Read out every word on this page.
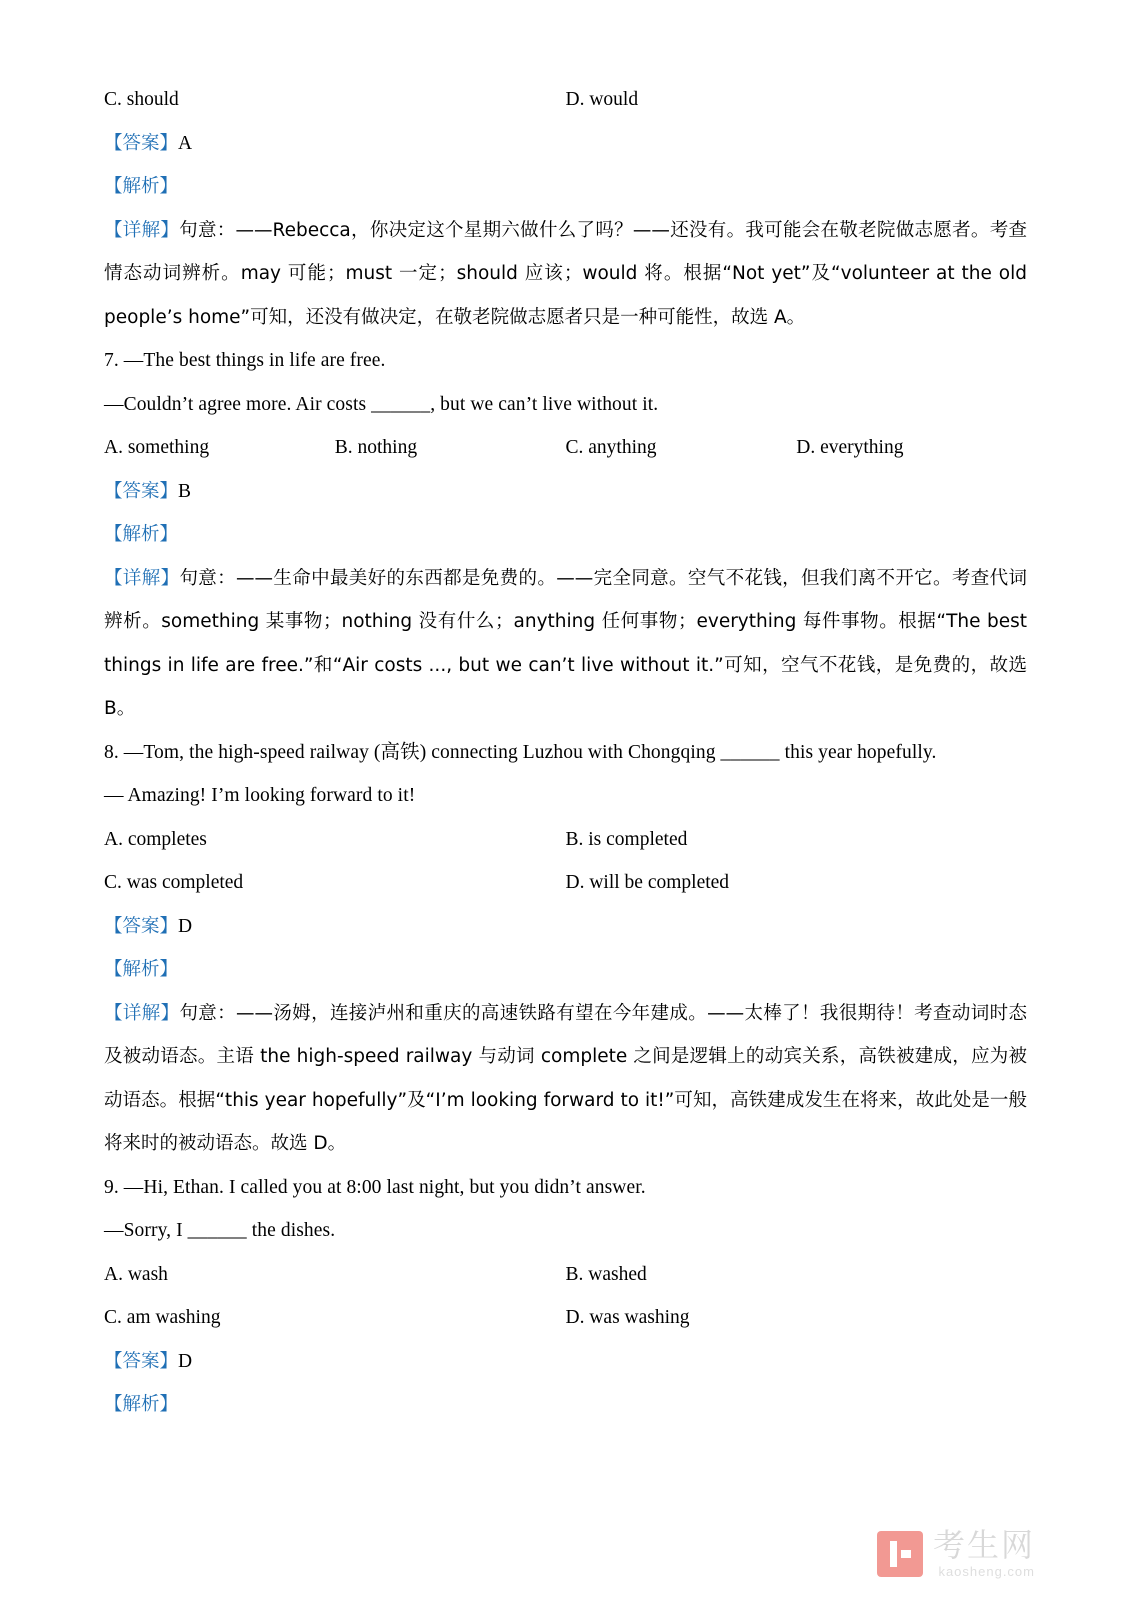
C. should	D. would
【答案】A
【解析】
【详解】句意：——Rebecca，你决定这个星期六做什么了吗？——还没有。我可能会在敬老院做志愿者。考查情态动词辨析。may 可能；must 一定；should 应该；would 将。根据“Not yet”及“volunteer at the old people’s home”可知，还没有做决定，在敬老院做志愿者只是一种可能性，故选 A。
7. —The best things in life are free.
—Couldn’t agree more. Air costs ______, but we can’t live without it.
A. something	B. nothing	C. anything	D. everything
【答案】B
【解析】
【详解】句意：——生命中最美好的东西都是免费的。——完全同意。空气不花钱，但我们离不开它。考查代词辨析。something 某事物；nothing 没有什么；anything 任何事物；everything 每件事物。根据“The best things in life are free.”和“Air costs ..., but we can’t live without it.”可知，空气不花钱，是免费的，故选 B。
8. —Tom, the high-speed railway (高铁) connecting Luzhou with Chongqing ______ this year hopefully.
— Amazing! I’m looking forward to it!
A. completes	B. is completed
C. was completed	D. will be completed
【答案】D
【解析】
【详解】句意：——汤姆，连接泸州和重庆的高速铁路有望在今年建成。——太棒了！我很期待！考查动词时态及被动语态。主语 the high-speed railway 与动词 complete 之间是逻辑上的动宾关系，高铁被建成，应为被动语态。根据“this year hopefully”及“I’m looking forward to it!”可知，高铁建成发生在将来，故此处是一般将来时的被动语态。故选 D。
9. —Hi, Ethan. I called you at 8:00 last night, but you didn’t answer.
—Sorry, I ______ the dishes.
A. wash	B. washed
C. am washing	D. was washing
【答案】D
【解析】
考生网
kaosheng.com
